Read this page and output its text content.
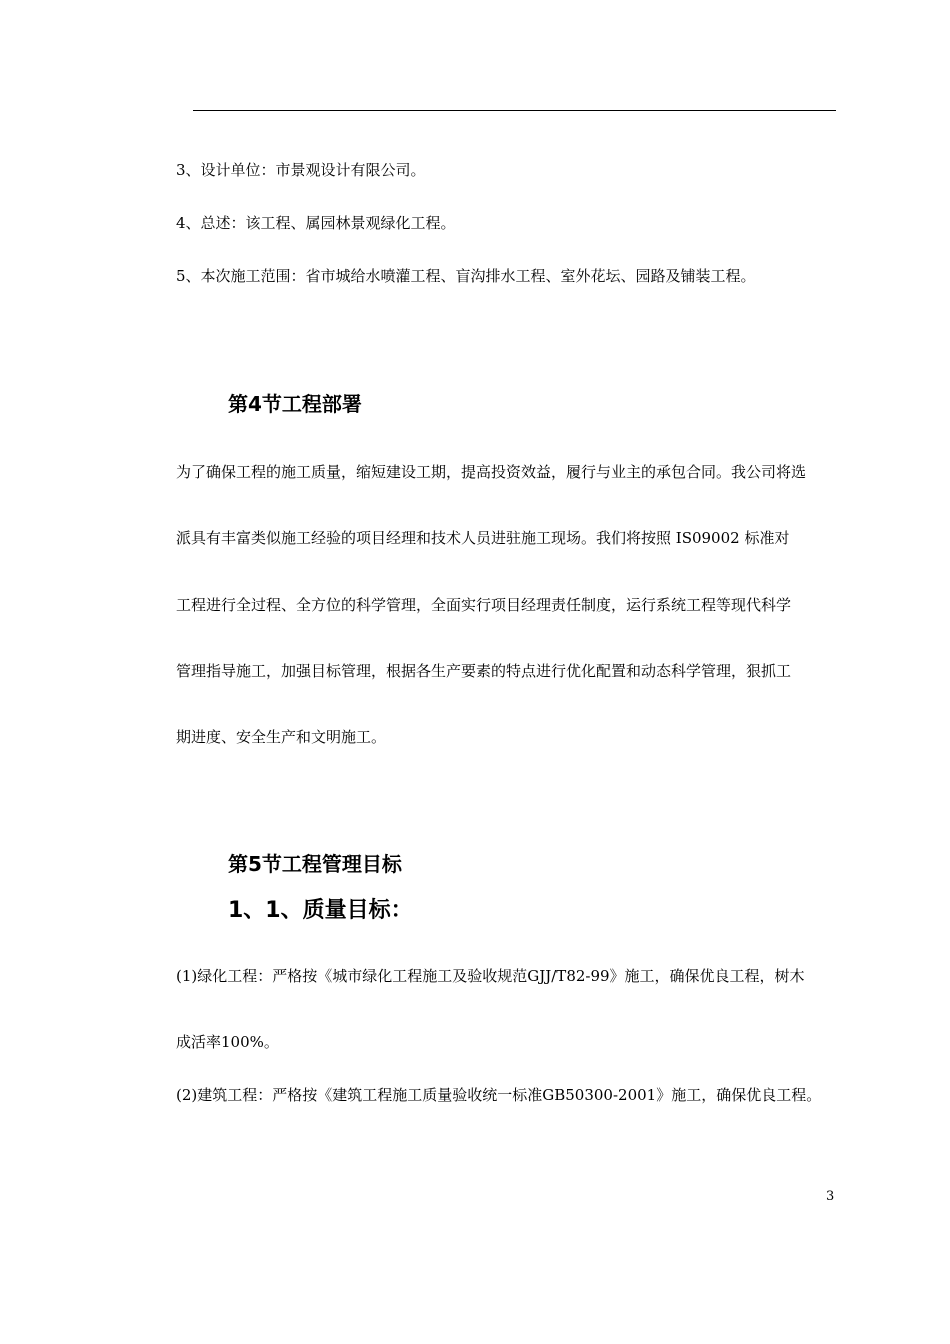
3、设计单位：市景观设计有限公司。
4、总述：该工程、属园林景观绿化工程。
5、本次施工范围：省市城给水喷灌工程、盲沟排水工程、室外花坛、园路及铺装工程。
第4节工程部署
为了确保工程的施工质量，缩短建设工期，提高投资效益，履行与业主的承包合同。我公司将选
派具有丰富类似施工经验的项目经理和技术人员进驻施工现场。我们将按照 IS09002 标准对
工程进行全过程、全方位的科学管理，全面实行项目经理责任制度，运行系统工程等现代科学
管理指导施工，加强目标管理，根据各生产要素的特点进行优化配置和动态科学管理，狠抓工
期进度、安全生产和文明施工。
第5节工程管理目标
1、1、质量目标：
(1)绿化工程：严格按《城市绿化工程施工及验收规范GJJ/T82-99》施工，确保优良工程，树木
成活率100%。
(2)建筑工程：严格按《建筑工程施工质量验收统一标准GB50300-2001》施工，确保优良工程。
3
